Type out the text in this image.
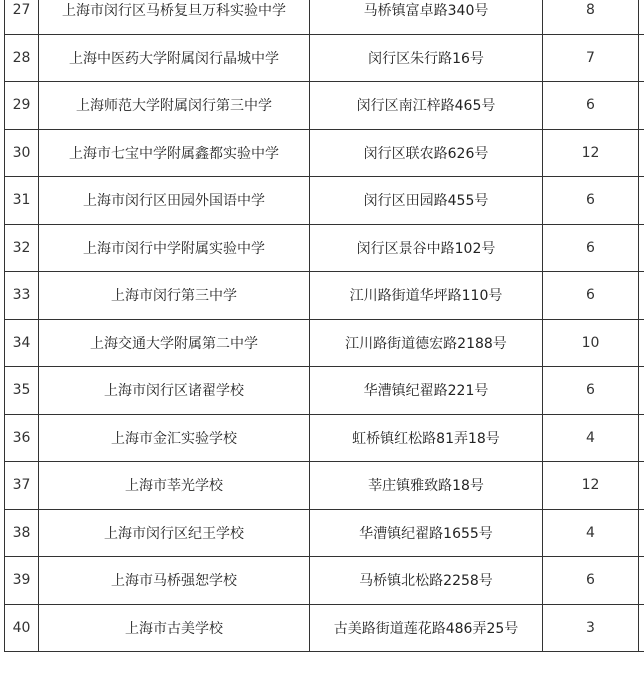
27	上海市闵行区马桥复旦万科实验中学	马桥镇富卓路340号	8	
28	上海中医药大学附属闵行晶城中学	闵行区朱行路16号	7	
29	上海师范大学附属闵行第三中学	闵行区南江梓路465号	6	
30	上海市七宝中学附属鑫都实验中学	闵行区联农路626号	12	
31	上海市闵行区田园外国语中学	闵行区田园路455号	6	
32	上海市闵行中学附属实验中学	闵行区景谷中路102号	6	
33	上海市闵行第三中学	江川路街道华坪路110号	6	
34	上海交通大学附属第二中学	江川路街道德宏路2188号	10	
35	上海市闵行区诸翟学校	华漕镇纪翟路221号	6	
36	上海市金汇实验学校	虹桥镇红松路81弄18号	4	
37	上海市莘光学校	莘庄镇雅致路18号	12	
38	上海市闵行区纪王学校	华漕镇纪翟路1655号	4	
39	上海市马桥强恕学校	马桥镇北松路2258号	6	
40	上海市古美学校	古美路街道莲花路486弄25号	3	
